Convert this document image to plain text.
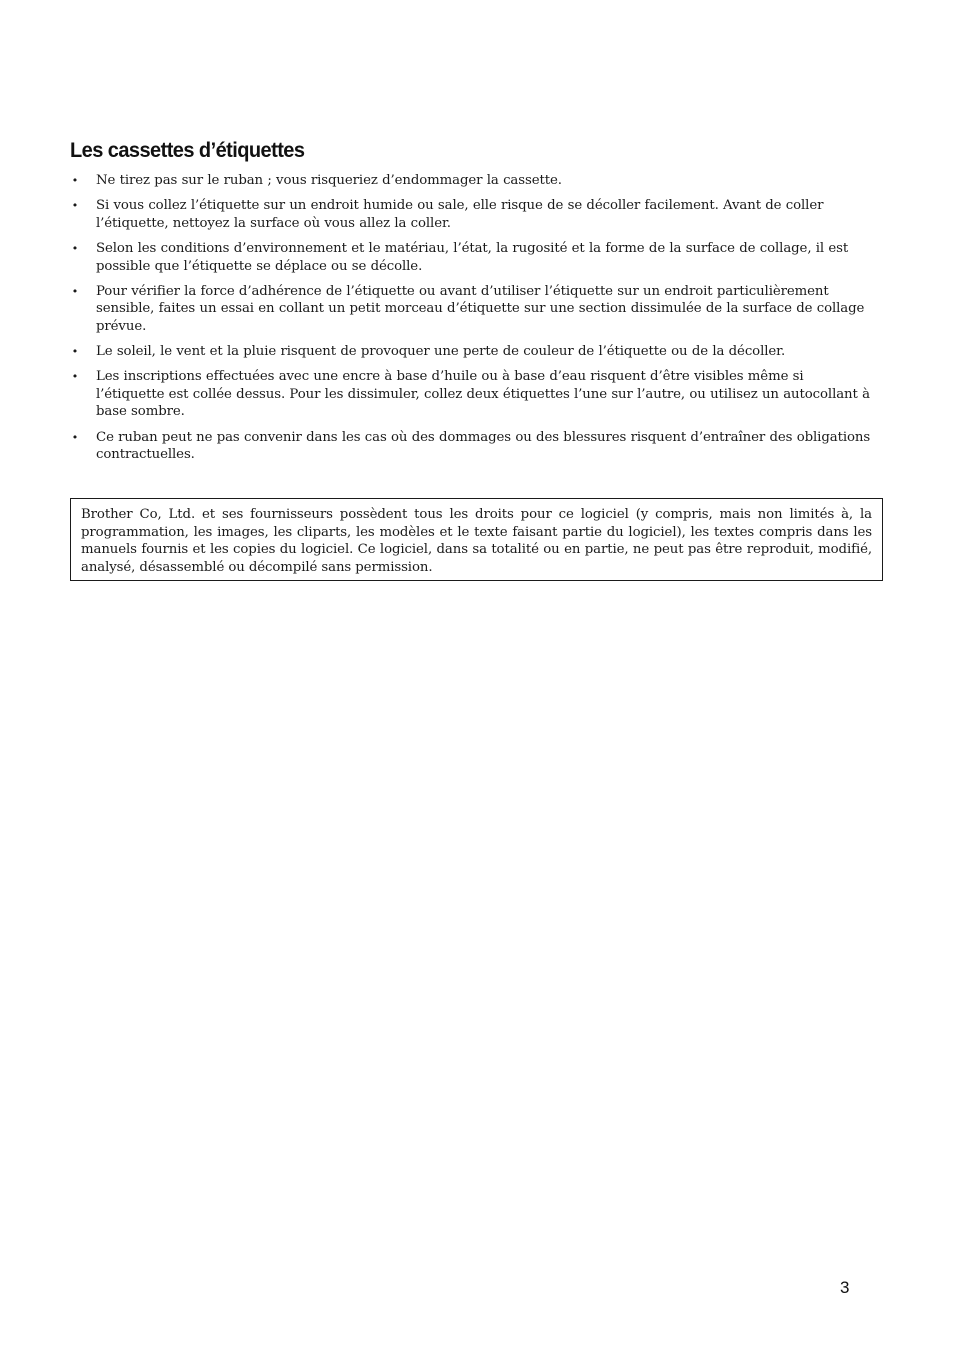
Les cassettes d’étiquettes
• Ne tirez pas sur le ruban ; vous risqueriez d’endommager la cassette.
• Si vous collez l’étiquette sur un endroit humide ou sale, elle risque de se décoller facilement. Avant de coller l’étiquette, nettoyez la surface où vous allez la coller.
• Selon les conditions d’environnement et le matériau, l’état, la rugosité et la forme de la surface de collage, il est possible que l’étiquette se déplace ou se décolle.
• Pour vérifier la force d’adhérence de l’étiquette ou avant d’utiliser l’étiquette sur un endroit particulièrement sensible, faites un essai en collant un petit morceau d’étiquette sur une section dissimulée de la surface de collage prévue.
• Le soleil, le vent et la pluie risquent de provoquer une perte de couleur de l’étiquette ou de la décoller.
• Les inscriptions effectuées avec une encre à base d’huile ou à base d’eau risquent d’être visibles même si l’étiquette est collée dessus. Pour les dissimuler, collez deux étiquettes l’une sur l’autre, ou utilisez un autocollant à base sombre.
• Ce ruban peut ne pas convenir dans les cas où des dommages ou des blessures risquent d’entraîner des obligations contractuelles.
Brother Co, Ltd. et ses fournisseurs possèdent tous les droits pour ce logiciel (y compris, mais non limités à, la programmation, les images, les cliparts, les modèles et le texte faisant partie du logiciel), les textes compris dans les manuels fournis et les copies du logiciel. Ce logiciel, dans sa totalité ou en partie, ne peut pas être reproduit, modifié, analysé, désassemblé ou décompilé sans permission.
3
